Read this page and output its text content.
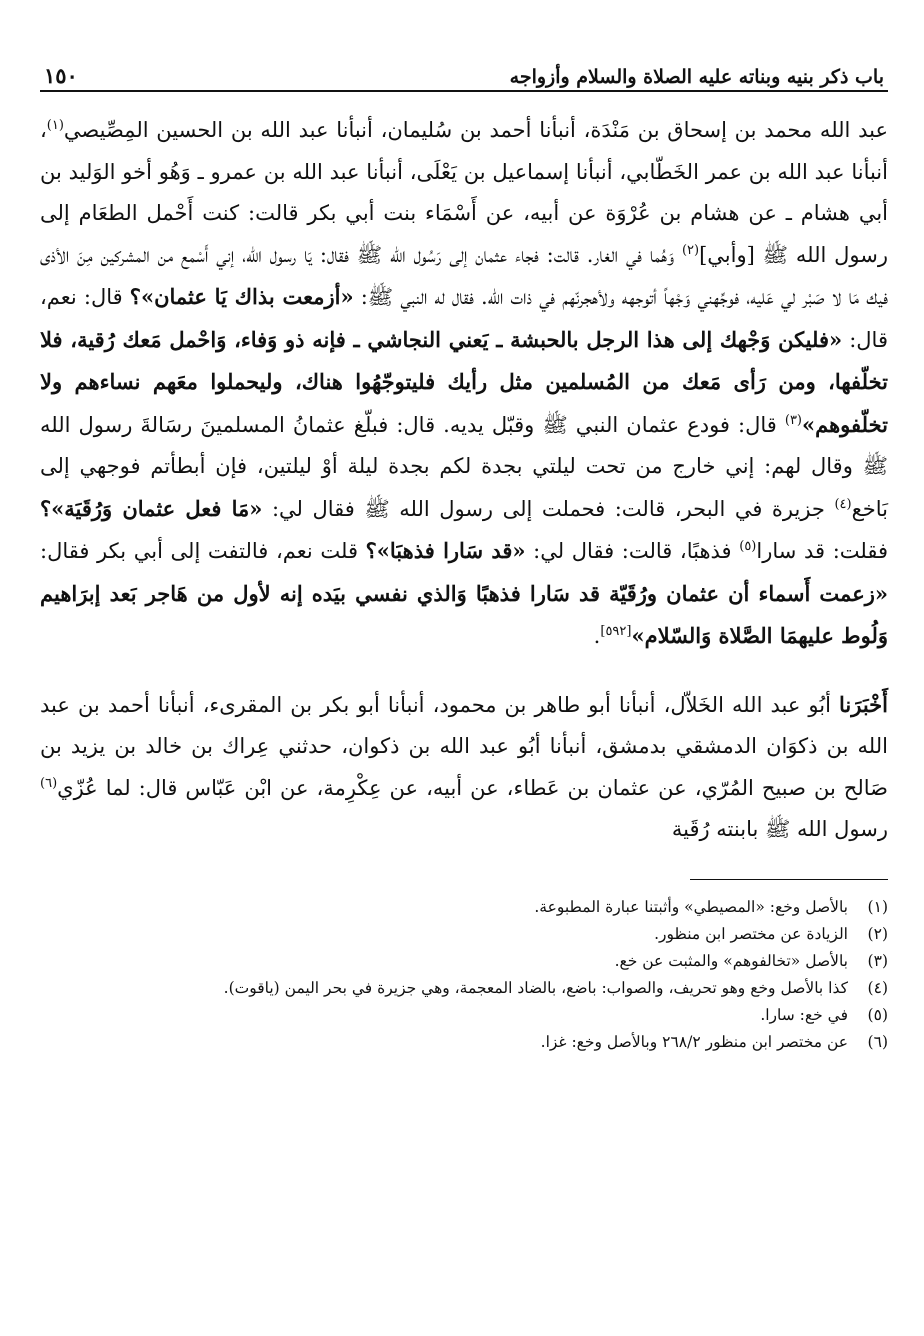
باب ذكر بنيه وبناته عليه الصلاة والسلام وأزواجه
١٥٠

عبد الله محمد بن إسحاق بن مَنْدَة، أنبأنا أحمد بن سُليمان، أنبأنا عبد الله بن الحسين المِصِّيصي$^{(١)}$، أنبأنا عبد الله بن عمر الخَطّابي، أنبأنا إسماعيل بن يَعْلَى، أنبأنا عبد الله بن عمرو ـ وَهُو أخو الوَليد بن أبي هشام ـ عن هشام بن عُرْوَة عن أبيه، عن أَسْمَاء بنت أبي بكر قالت: كنت أَحْمل الطعَام إلى رسول الله ﷺ [وأبي]$^{(٢)}$ وَهُما في الغار. قالت: فجاء عثمان إلى رَسُول الله ﷺ فقال: يَا رسول الله، إني أَسْمع من المشركين مِنَ الأذى فيك مَا لا صَبْر لي عَليه، فوجِّهني وَجْهاً أتوجهه ولأهجرنّهم في ذات الله. فقال له النبي ﷺ: «أزمعت بذاك يَا عثمان»؟ قال: نعم، قال: «فليكن وَجْهك إلى هذا الرجل بالحبشة ـ يَعني النجاشي ـ فإنه ذو وَفاء، وَاحْمل مَعك رُقية، فلا تخلّفها، ومن رَأى مَعك من المُسلمين مثل رأيك فليتوجّهُوا هناك، وليحملوا معَهم نساءهم ولا تخلّفوهم»$^{(٣)}$ قال: فودع عثمان النبي ﷺ وقبّل يديه. قال: فبلّغ عثمانُ المسلمينَ رسَالةَ رسول الله ﷺ وقال لهم: إني خارج من تحت ليلتي بجدة لكم بجدة ليلة أوْ ليلتين، فإن أبطأتم فوجهي إلى بَاخع$^{(٤)}$ جزيرة في البحر، قالت: فحملت إلى رسول الله ﷺ فقال لي: «مَا فعل عثمان وَرُقَيَة»؟ فقلت: قد سارا$^{(٥)}$ فذهبًا، قالت: فقال لي: «قد سَارا فذهبَا»؟ قلت نعم، فالتفت إلى أبي بكر فقال: «زعمت أَسماء أن عثمان ورُقَيّة قد سَارا فذهبًا وَالذي نفسي بيَده إنه لأول من هَاجر بَعد إبرَاهيم وَلُوط عليهمَا الصَّلاة وَالسّلام»[٥٩٢].

أَخْبَرَنا أبُو عبد الله الخَلاّل، أنبأنا أبو طاهر بن محمود، أنبأنا أبو بكر بن المقرىء، أنبأنا أحمد بن عبد الله بن ذكوَان الدمشقي بدمشق، أنبأنا أبُو عبد الله بن ذكوان، حدثني عِراك بن خالد بن يزيد بن صَالح بن صبيح المُرّي، عن عثمان بن عَطاء، عن أبيه، عن عِكْرِمة، عن ابْن عَبّاس قال: لما عُزّي$^{(٦)}$ رسول الله ﷺ بابنته رُقَية

(١)
بالأصل وخع: «المصيطي» وأثبتنا عبارة المطبوعة.
(٢)
الزيادة عن مختصر ابن منظور.
(٣)
بالأصل «تخالفوهم» والمثبت عن خع.
(٤)
كذا بالأصل وخع وهو تحريف، والصواب: باضع، بالضاد المعجمة، وهي جزيرة في بحر اليمن (ياقوت).
(٥)
في خع: سارا.
(٦)
عن مختصر ابن منظور ٢٦٨/٢ وبالأصل وخع: غزا.
